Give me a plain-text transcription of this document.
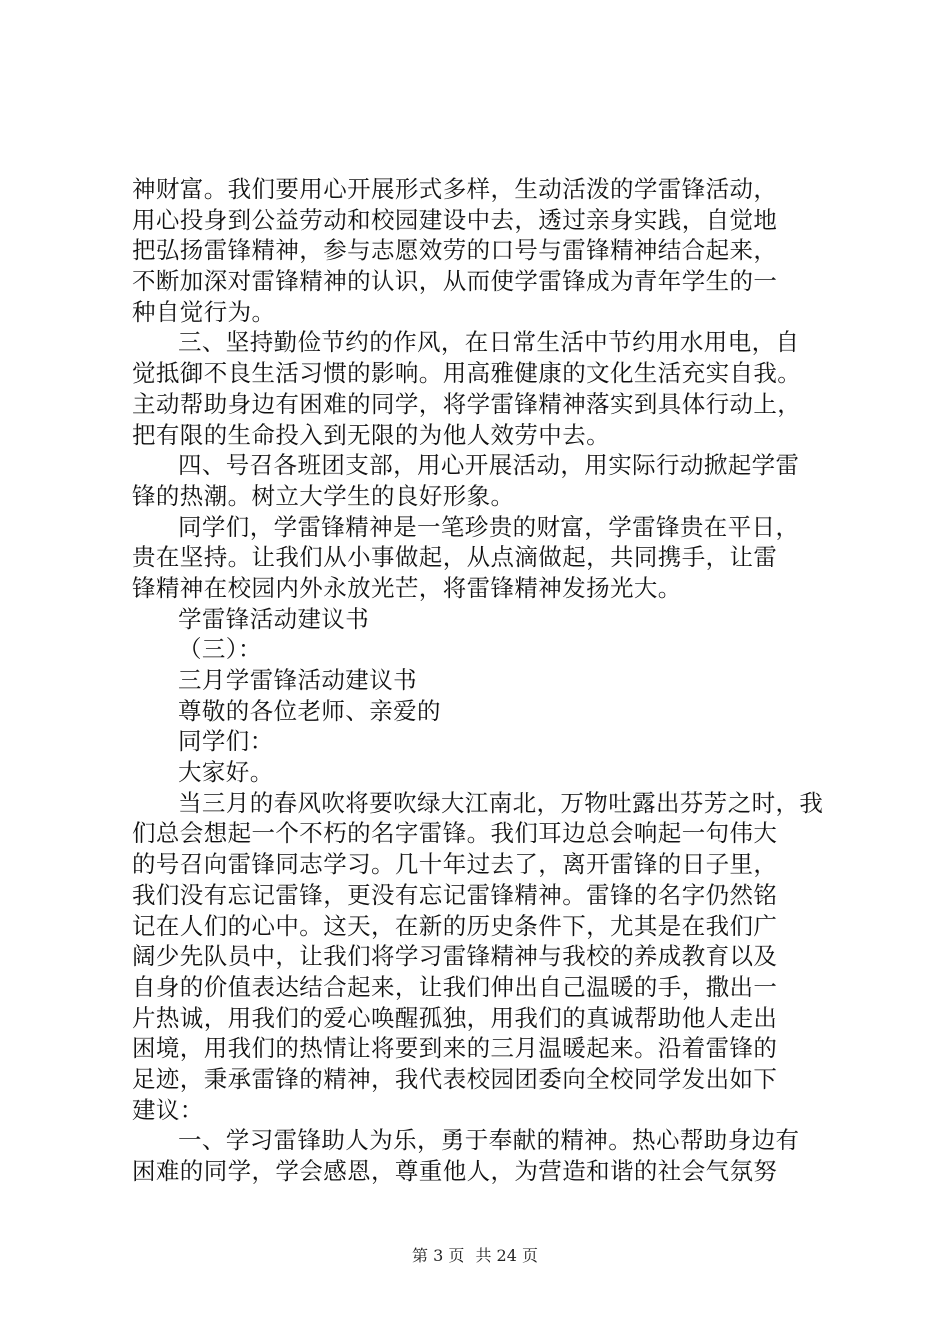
神财富。我们要用心开展形式多样，生动活泼的学雷锋活动，
用心投身到公益劳动和校园建设中去，透过亲身实践，自觉地
把弘扬雷锋精神，参与志愿效劳的口号与雷锋精神结合起来，
不断加深对雷锋精神的认识，从而使学雷锋成为青年学生的一
种自觉行为。
三、坚持勤俭节约的作风，在日常生活中节约用水用电，自
觉抵御不良生活习惯的影响。用高雅健康的文化生活充实自我。
主动帮助身边有困难的同学，将学雷锋精神落实到具体行动上，
把有限的生命投入到无限的为他人效劳中去。
四、号召各班团支部，用心开展活动，用实际行动掀起学雷
锋的热潮。树立大学生的良好形象。
同学们，学雷锋精神是一笔珍贵的财富，学雷锋贵在平日，
贵在坚持。让我们从小事做起，从点滴做起，共同携手，让雷
锋精神在校园内外永放光芒，将雷锋精神发扬光大。
学雷锋活动建议书
（三）：
三月学雷锋活动建议书
尊敬的各位老师、亲爱的
同学们：
大家好。
当三月的春风吹将要吹绿大江南北，万物吐露出芬芳之时，我
们总会想起一个不朽的名字雷锋。我们耳边总会响起一句伟大
的号召向雷锋同志学习。几十年过去了，离开雷锋的日子里，
我们没有忘记雷锋，更没有忘记雷锋精神。雷锋的名字仍然铭
记在人们的心中。这天，在新的历史条件下，尤其是在我们广
阔少先队员中，让我们将学习雷锋精神与我校的养成教育以及
自身的价值表达结合起来，让我们伸出自己温暖的手，撒出一
片热诚，用我们的爱心唤醒孤独，用我们的真诚帮助他人走出
困境，用我们的热情让将要到来的三月温暖起来。沿着雷锋的
足迹，秉承雷锋的精神，我代表校园团委向全校同学发出如下
建议：
一、学习雷锋助人为乐，勇于奉献的精神。热心帮助身边有
困难的同学，学会感恩，尊重他人，为营造和谐的社会气氛努
第 3 页 共 24 页
